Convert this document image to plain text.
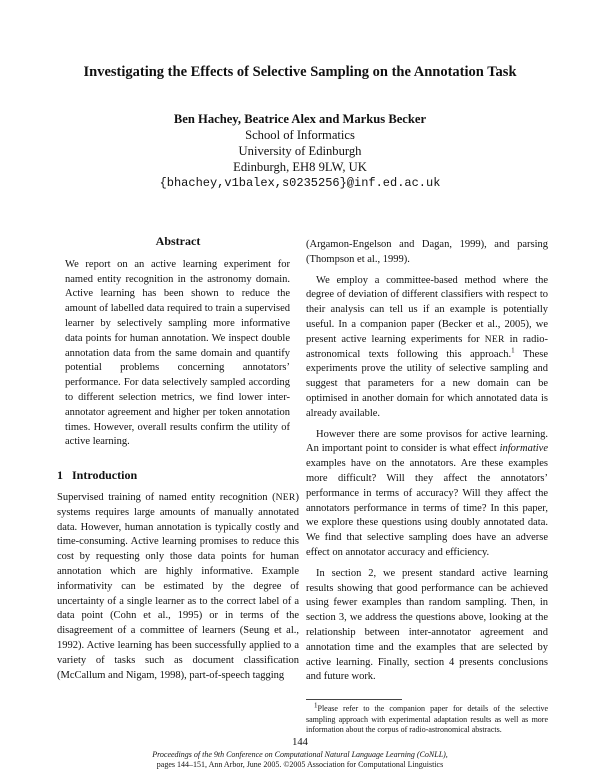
Investigating the Effects of Selective Sampling on the Annotation Task
Ben Hachey, Beatrice Alex and Markus Becker
School of Informatics
University of Edinburgh
Edinburgh, EH8 9LW, UK
{bhachey,v1balex,s0235256}@inf.ed.ac.uk
Abstract

We report on an active learning experiment for named entity recognition in the astronomy domain. Active learning has been shown to reduce the amount of labelled data required to train a supervised learner by selectively sampling more informative data points for human annotation. We inspect double annotation data from the same domain and quantify potential problems concerning annotators’ performance. For data selectively sampled according to different selection metrics, we find lower inter-annotator agreement and higher per token annotation times. However, overall results confirm the utility of active learning.

1 Introduction

Supervised training of named entity recognition (NER) systems requires large amounts of manually annotated data. However, human annotation is typically costly and time-consuming. Active learning promises to reduce this cost by requesting only those data points for human annotation which are highly informative. Example informativity can be estimated by the degree of uncertainty of a single learner as to the correct label of a data point (Cohn et al., 1995) or in terms of the disagreement of a committee of learners (Seung et al., 1992). Active learning has been successfully applied to a variety of tasks such as document classification (McCallum and Nigam, 1998), part-of-speech tagging

(Argamon-Engelson and Dagan, 1999), and parsing (Thompson et al., 1999).

We employ a committee-based method where the degree of deviation of different classifiers with respect to their analysis can tell us if an example is potentially useful. In a companion paper (Becker et al., 2005), we present active learning experiments for NER in radio-astronomical texts following this approach.$^1$ These experiments prove the utility of selective sampling and suggest that parameters for a new domain can be optimised in another domain for which annotated data is already available.

However there are some provisos for active learning. An important point to consider is what effect informative examples have on the annotators. Are these examples more difficult? Will they affect the annotators’ performance in terms of accuracy? Will they affect the annotators performance in terms of time? In this paper, we explore these questions using doubly annotated data. We find that selective sampling does have an adverse effect on annotator accuracy and efficiency.

In section 2, we present standard active learning results showing that good performance can be achieved using fewer examples than random sampling. Then, in section 3, we address the questions above, looking at the relationship between inter-annotator agreement and annotation time and the examples that are selected by active learning. Finally, section 4 presents conclusions and future work.

$^1$Please refer to the companion paper for details of the selective sampling approach with experimental adaptation results as well as more information about the corpus of radio-astronomical abstracts.

144
Proceedings of the 9th Conference on Computational Natural Language Learning (CoNLL),
pages 144–151, Ann Arbor, June 2005. ©2005 Association for Computational Linguistics
